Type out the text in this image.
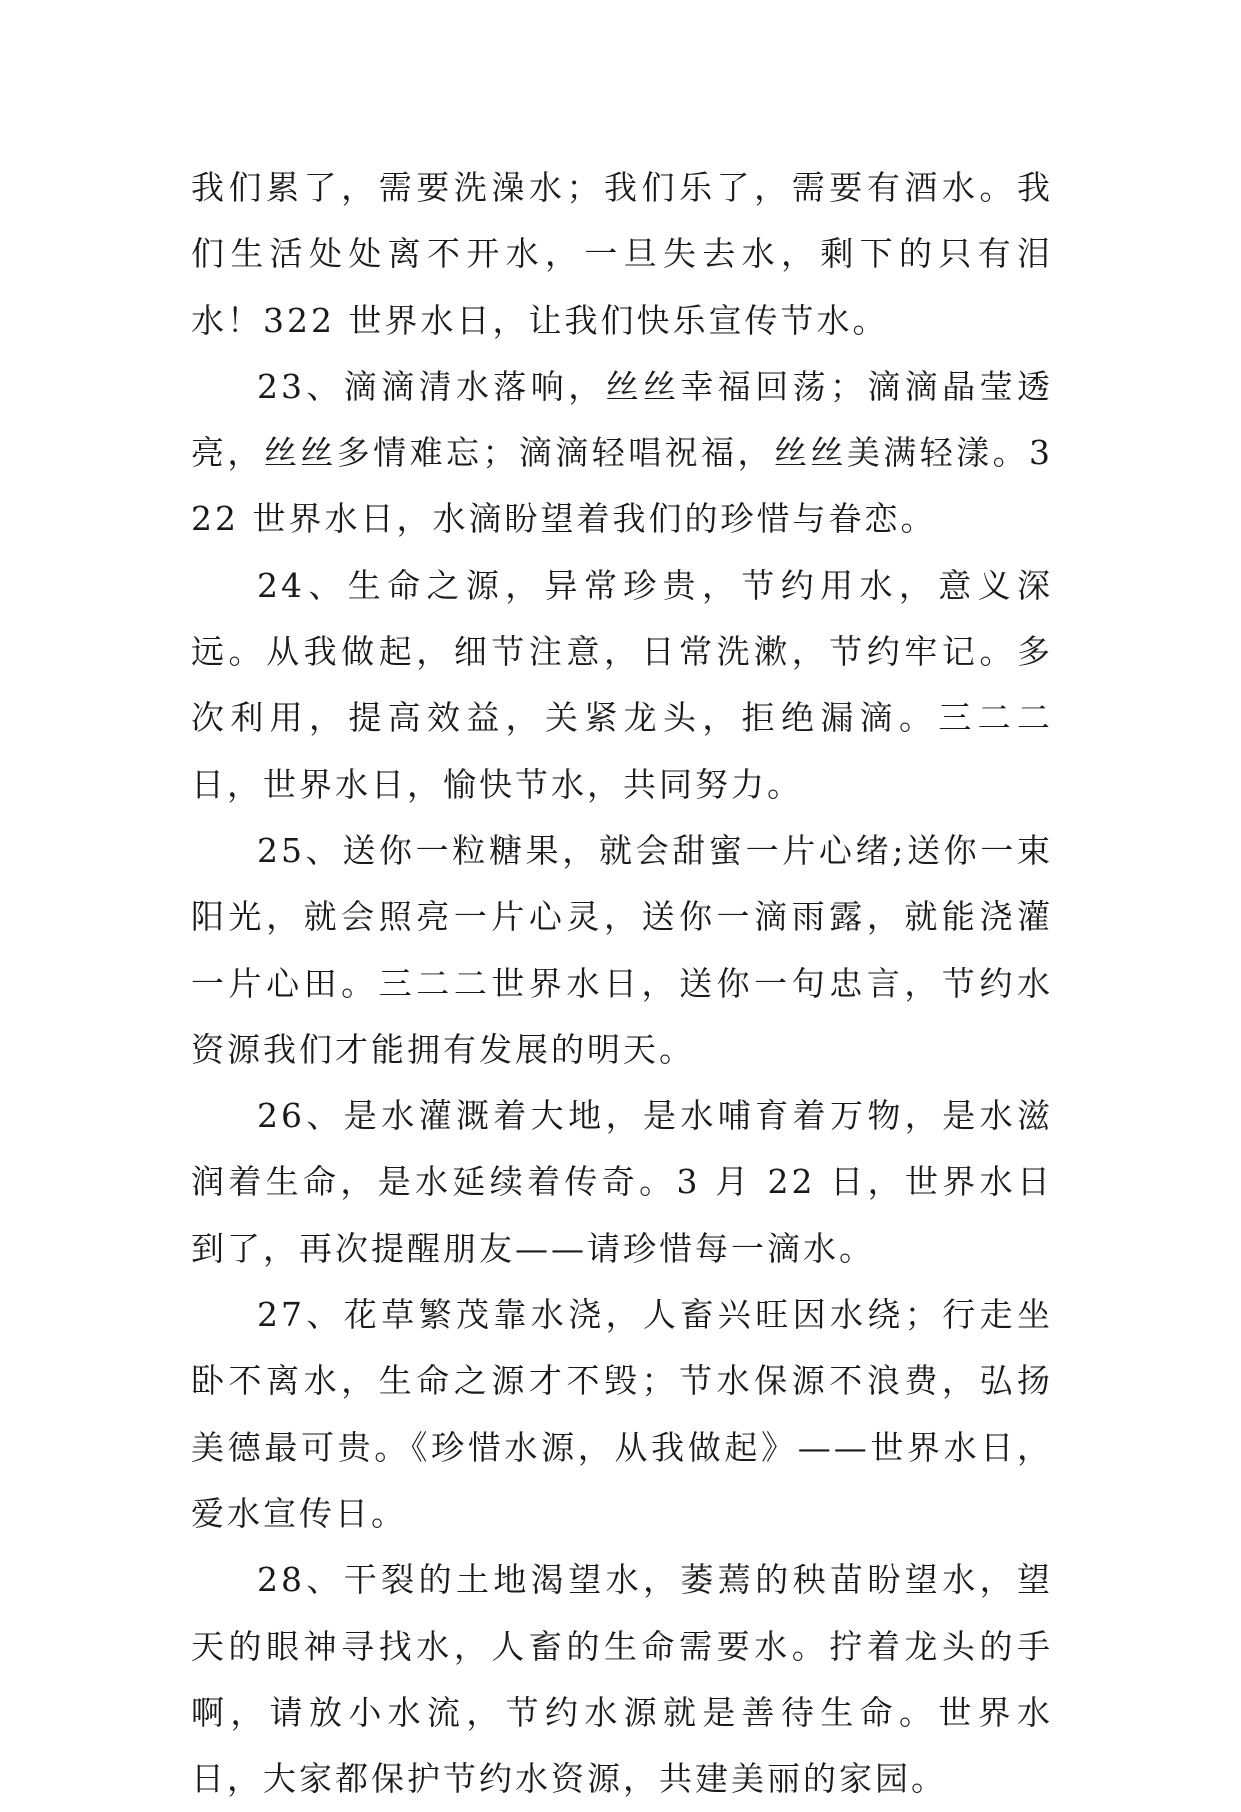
我们累了，需要洗澡水；我们乐了，需要有酒水。我们生活处处离不开水，一旦失去水，剩下的只有泪水！322 世界水日，让我们快乐宣传节水。

23、滴滴清水落响，丝丝幸福回荡；滴滴晶莹透亮，丝丝多情难忘；滴滴轻唱祝福，丝丝美满轻漾。322 世界水日，水滴盼望着我们的珍惜与眷恋。

24、生命之源，异常珍贵，节约用水，意义深远。从我做起，细节注意，日常洗漱，节约牢记。多次利用，提高效益，关紧龙头，拒绝漏滴。三二二日，世界水日，愉快节水，共同努力。

25、送你一粒糖果，就会甜蜜一片心绪;送你一束阳光，就会照亮一片心灵，送你一滴雨露，就能浇灌一片心田。三二二世界水日，送你一句忠言，节约水资源我们才能拥有发展的明天。

26、是水灌溉着大地，是水哺育着万物，是水滋润着生命，是水延续着传奇。3 月 22 日，世界水日到了，再次提醒朋友——请珍惜每一滴水。

27、花草繁茂靠水浇，人畜兴旺因水绕；行走坐卧不离水，生命之源才不毁；节水保源不浪费，弘扬美德最可贵。《珍惜水源，从我做起》——世界水日，爱水宣传日。

28、干裂的土地渴望水，萎蔫的秧苗盼望水，望天的眼神寻找水，人畜的生命需要水。拧着龙头的手啊，请放小水流，节约水源就是善待生命。世界水日，大家都保护节约水资源，共建美丽的家园。
